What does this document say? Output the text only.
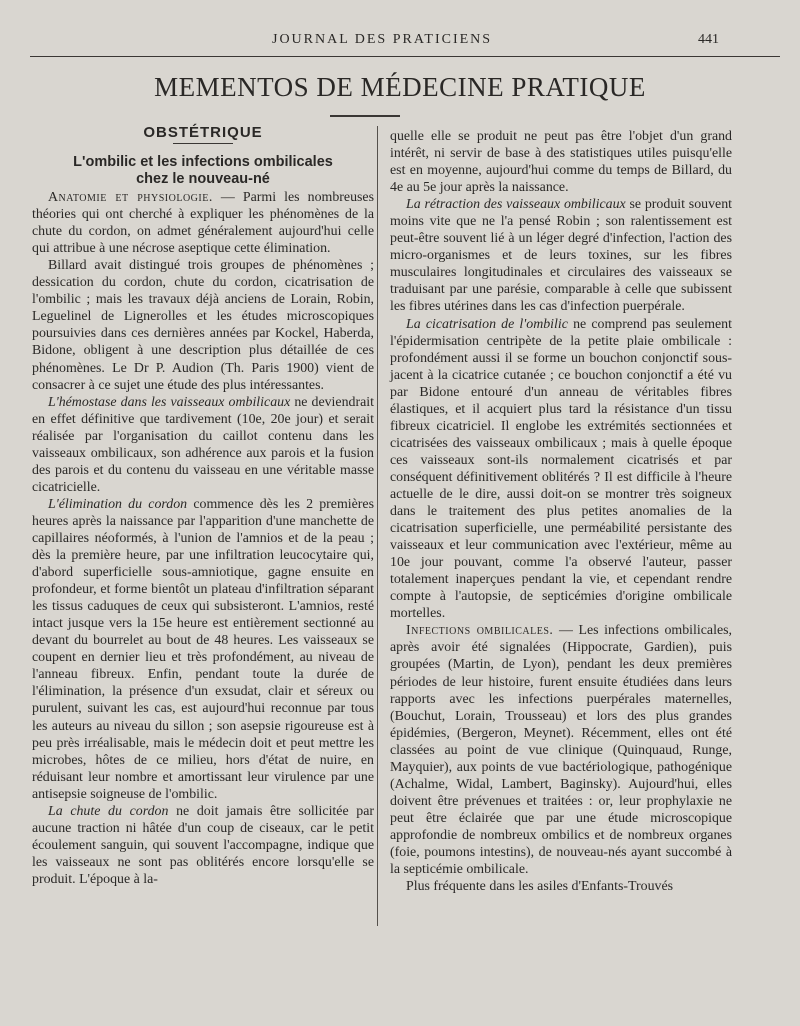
JOURNAL DES PRATICIENS	441
MEMENTOS DE MÉDECINE PRATIQUE
OBSTÉTRIQUE
L'ombilic et les infections ombilicales
chez le nouveau-né

Anatomie et physiologie. — Parmi les nombreuses théories qui ont cherché à expliquer les phénomènes de la chute du cordon, on admet généralement aujourd'hui celle qui attribue à une nécrose aseptique cette élimination.

Billard avait distingué trois groupes de phénomènes ; dessication du cordon, chute du cordon, cicatrisation de l'ombilic ; mais les travaux déjà anciens de Lorain, Robin, Leguelinel de Lignerolles et les études microscopiques poursuivies dans ces dernières années par Kockel, Haberda, Bidone, obligent à une description plus détaillée de ces phénomènes. Le Dr P. Audion (Th. Paris 1900) vient de consacrer à ce sujet une étude des plus intéressantes.

L'hémostase dans les vaisseaux ombilicaux ne deviendrait en effet définitive que tardivement (10e, 20e jour) et serait réalisée par l'organisation du caillot contenu dans les vaisseaux ombilicaux, son adhérence aux parois et la fusion des parois et du contenu du vaisseau en une véritable masse cicatricielle.

L'élimination du cordon commence dès les 2 premières heures après la naissance par l'apparition d'une manchette de capillaires néoformés, à l'union de l'amnios et de la peau ; dès la première heure, par une infiltration leucocytaire qui, d'abord superficielle sous-amniotique, gagne ensuite en profondeur, et forme bientôt un plateau d'infiltration séparant les tissus caduques de ceux qui subsisteront. L'amnios, resté intact jusque vers la 15e heure est entièrement sectionné au devant du bourrelet au bout de 48 heures. Les vaisseaux se coupent en dernier lieu et très profondément, au niveau de l'anneau fibreux. Enfin, pendant toute la durée de l'élimination, la présence d'un exsudat, clair et séreux ou purulent, suivant les cas, est aujourd'hui reconnue par tous les auteurs au niveau du sillon ; son asepsie rigoureuse est à peu près irréalisable, mais le médecin doit et peut mettre les microbes, hôtes de ce milieu, hors d'état de nuire, en réduisant leur nombre et amortissant leur virulence par une antisepsie soigneuse de l'ombilic.

La chute du cordon ne doit jamais être sollicitée par aucune traction ni hâtée d'un coup de ciseaux, car le petit écoulement sanguin, qui souvent l'accompagne, indique que les vaisseaux ne sont pas oblitérés encore lorsqu'elle se produit. L'époque à la-

quelle elle se produit ne peut pas être l'objet d'un grand intérêt, ni servir de base à des statistiques utiles puisqu'elle est en moyenne, aujourd'hui comme du temps de Billard, du 4e au 5e jour après la naissance.

La rétraction des vaisseaux ombilicaux se produit souvent moins vite que ne l'a pensé Robin ; son ralentissement est peut-être souvent lié à un léger degré d'infection, l'action des micro-organismes et de leurs toxines, sur les fibres musculaires longitudinales et circulaires des vaisseaux se traduisant par une parésie, comparable à celle que subissent les fibres utérines dans les cas d'infection puerpérale.

La cicatrisation de l'ombilic ne comprend pas seulement l'épidermisation centripète de la petite plaie ombilicale : profondément aussi il se forme un bouchon conjonctif sous-jacent à la cicatrice cutanée ; ce bouchon conjonctif a été vu par Bidone entouré d'un anneau de véritables fibres élastiques, et il acquiert plus tard la résistance d'un tissu fibreux cicatriciel. Il englobe les extrémités sectionnées et cicatrisées des vaisseaux ombilicaux ; mais à quelle époque ces vaisseaux sont-ils normalement cicatrisés et par conséquent définitivement oblitérés ? Il est difficile à l'heure actuelle de le dire, aussi doit-on se montrer très soigneux dans le traitement des plus petites anomalies de la cicatrisation superficielle, une perméabilité persistante des vaisseaux et leur communication avec l'extérieur, même au 10e jour pouvant, comme l'a observé l'auteur, passer totalement inaperçues pendant la vie, et cependant rendre compte à l'autopsie, de septicémies d'origine ombilicale mortelles.

Infections ombilicales. — Les infections ombilicales, après avoir été signalées (Hippocrate, Gardien), puis groupées (Martin, de Lyon), pendant les deux premières périodes de leur histoire, furent ensuite étudiées dans leurs rapports avec les infections puerpérales maternelles, (Bouchut, Lorain, Trousseau) et lors des plus grandes épidémies, (Bergeron, Meynet). Récemment, elles ont été classées au point de vue clinique (Quinquaud, Runge, Mayquier), aux points de vue bactériologique, pathogénique (Achalme, Widal, Lambert, Baginsky). Aujourd'hui, elles doivent être prévenues et traitées : or, leur prophylaxie ne peut être éclairée que par une étude microscopique approfondie de nombreux ombilics et de nombreux organes (foie, poumons intestins), de nouveau-nés ayant succombé à la septicémie ombilicale.

Plus fréquente dans les asiles d'Enfants-Trouvés
